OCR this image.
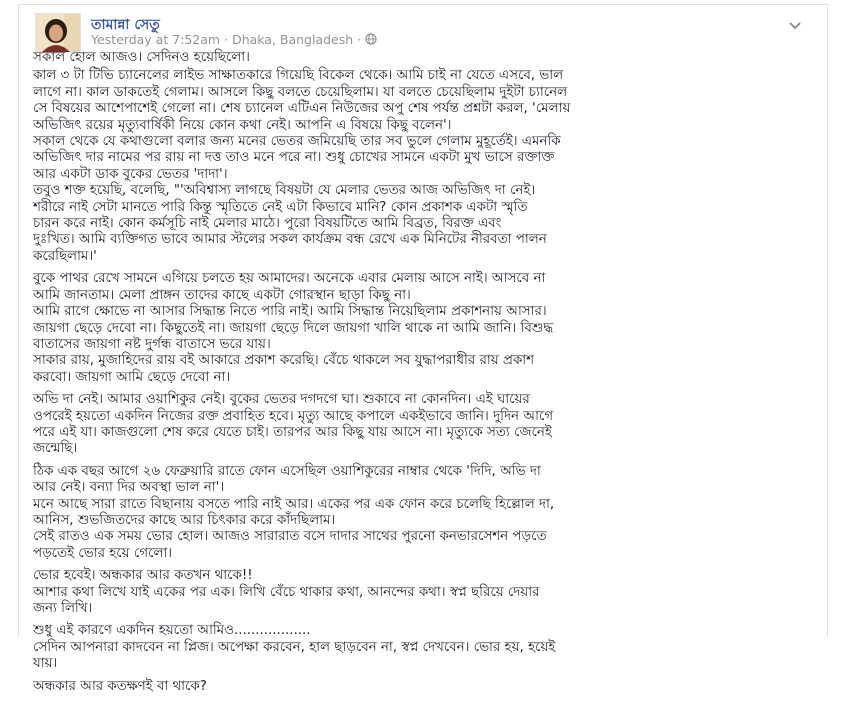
তামান্না সেতু
Yesterday at 7:52am · Dhaka, Bangladesh ·

সকাল হোল আজও। সেদিনও হয়েছিলো।

কাল ৩ টা টিভি চ্যানেলের লাইভ সাক্ষাতকারে গিয়েছি বিকেল থেকে। আমি চাই না যেতে এসবে, ভাল
লাগে না। কাল ডাকতেই গেলাম। আসলে কিছু বলতে চেয়েছিলাম। যা বলতে চেয়েছিলাম দুইটা চ্যানেল
সে বিষয়ের আশেপাশেই গেলো না। শেষ চ্যানেল এটিএন নিউজের অপু শেষ পর্যন্ত প্রশ্নটা করল, 'মেলায়
অভিজিৎ রয়ের মৃত্যুবার্ষিকী নিয়ে কোন কথা নেই। আপনি এ বিষয়ে কিছু বলেন'।
সকাল থেকে যে কথাগুলো বলার জন্য মনের ভেতর জমিয়েছি তার সব ভুলে গেলাম মুহূর্তেই। এমনকি
অভিজিৎ দার নামের পর রায় না দত্ত তাও মনে পরে না। শুধু চোখের সামনে একটা মুখ ভাসে রক্তাক্ত
আর একটা ডাক বুকের ভেতর 'দাদা'।
তবুও শক্ত হয়েছি, বলেছি, "'অবিশ্বাস্য লাগছে বিষয়টা যে মেলার ভেতর আজ অভিজিৎ দা নেই।
শরীরে নাই সেটা মানতে পারি কিন্তু স্মৃতিতে নেই এটা কিভাবে মানি? কোন প্রকাশক একটা স্মৃতি
চারন করে নাই। কোন কর্মসূচি নাই মেলার মাঠে। পুরো বিষয়টিতে আমি বিব্রত, বিরক্ত এবং
দুঃখিত। আমি ব্যক্তিগত ভাবে আমার স্টলের সকল কার্যক্রম বন্ধ রেখে এক মিনিটের নীরবতা পালন
করেছিলাম।'

বুকে পাথর রেখে সামনে এগিয়ে চলতে হয় আমাদের। অনেকে এবার মেলায় আসে নাই। আসবে না
আমি জানতাম। মেলা প্রাঙ্গন তাদের কাছে একটা গোরস্থান ছাড়া কিছু না।
আমি রাগে ক্ষোভে না আসার সিদ্ধান্ত নিতে পারি নাই। আমি সিদ্ধান্ত নিয়েছিলাম প্রকাশনায় আসার।
জায়গা ছেড়ে দেবো না। কিছুতেই না। জায়গা ছেড়ে দিলে জায়গা খালি থাকে না আমি জানি। বিশুদ্ধ
বাতাসের জায়গা নষ্ট দুর্গন্ধ বাতাসে ভরে যায়।
সাকার রায়, মুজাহিদের রায় বই আকারে প্রকাশ করেছি। বেঁচে থাকলে সব যুদ্ধাপরাধীর রায় প্রকাশ
করবো। জায়গা আমি ছেড়ে দেবো না।

অভি দা নেই। আমার ওয়াশিকুর নেই। বুকের ভেতর দগদগে ঘা। শুকাবে না কোনদিন। এই ঘায়ের
ওপরেই হয়তো একদিন নিজের রক্ত প্রবাহিত হবে। মৃত্যু আছে কপালে একইভাবে জানি। দুদিন আগে
পরে এই যা। কাজগুলো শেষ করে যেতে চাই। তারপর আর কিছু যায় আসে না। মৃত্যুকে সত্য জেনেই
জন্মেছি।

ঠিক এক বছর আগে ২৬ ফেব্রুয়ারি রাতে ফোন এসেছিল ওয়াশিকুরের নাম্বার থেকে 'দিদি, অভি দা
আর নেই। বন্যা দির অবস্থা ভাল না'।
মনে আছে সারা রাতে বিছানায় বসতে পারি নাই আর। একের পর এক ফোন করে চলেছি হিল্লোল দা,
আনিস, শুভজিতদের কাছে আর চিৎকার করে কাঁদছিলাম।
সেই রাতও এক সময় ভোর হোল। আজও সারারাত বসে দাদার সাথের পুরনো কনভারসেশন পড়তে
পড়তেই ভোর হয়ে গেলো।

ভোর হবেই। অন্ধকার আর কতখন থাকে!!
আশার কথা লিখে যাই একের পর এক। লিখি বেঁচে থাকার কথা, আনন্দের কথা। স্বপ্ন ছরিয়ে দেয়ার
জন্য লিখি।

শুধু এই কারণে একদিন হয়তো আমিও..................
সেদিন আপনারা কাদবেন না প্লিজ। অপেক্ষা করবেন, হাল ছাড়বেন না, স্বপ্ন দেখবেন। ভোর হয়, হয়েই
যায়।

অন্ধকার আর কতক্ষণই বা থাকে?
